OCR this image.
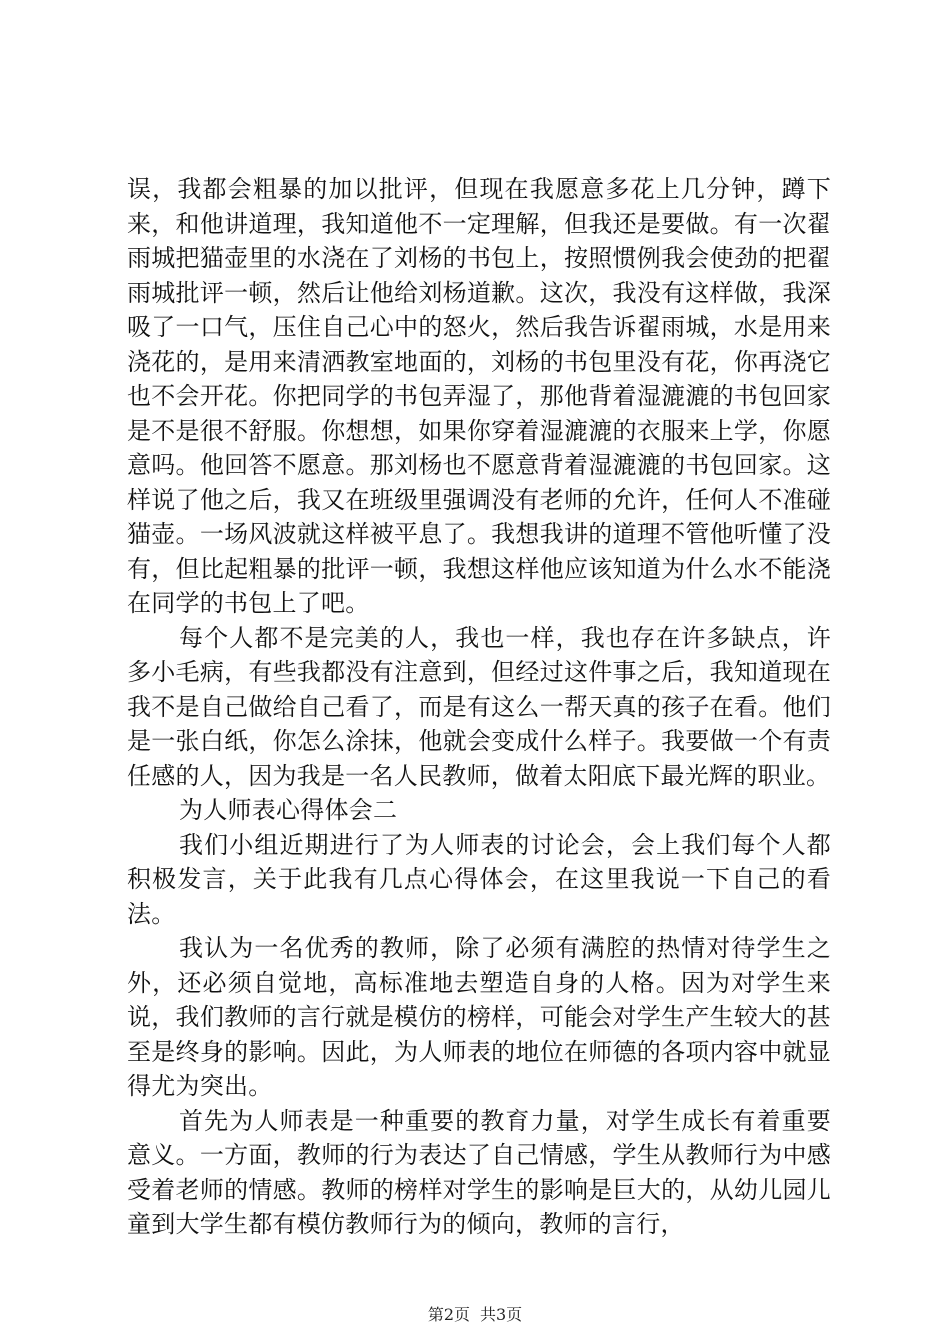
误，我都会粗暴的加以批评，但现在我愿意多花上几分钟，蹲下来，和他讲道理，我知道他不一定理解，但我还是要做。有一次翟雨城把猫壶里的水浇在了刘杨的书包上，按照惯例我会使劲的把翟雨城批评一顿，然后让他给刘杨道歉。这次，我没有这样做，我深吸了一口气，压住自己心中的怒火，然后我告诉翟雨城，水是用来浇花的，是用来清洒教室地面的，刘杨的书包里没有花，你再浇它也不会开花。你把同学的书包弄湿了，那他背着湿漉漉的书包回家是不是很不舒服。你想想，如果你穿着湿漉漉的衣服来上学，你愿意吗。他回答不愿意。那刘杨也不愿意背着湿漉漉的书包回家。这样说了他之后，我又在班级里强调没有老师的允许，任何人不准碰猫壶。一场风波就这样被平息了。我想我讲的道理不管他听懂了没有，但比起粗暴的批评一顿，我想这样他应该知道为什么水不能浇在同学的书包上了吧。

每个人都不是完美的人，我也一样，我也存在许多缺点，许多小毛病，有些我都没有注意到，但经过这件事之后，我知道现在我不是自己做给自己看了，而是有这么一帮天真的孩子在看。他们是一张白纸，你怎么涂抹，他就会变成什么样子。我要做一个有责任感的人，因为我是一名人民教师，做着太阳底下最光辉的职业。

为人师表心得体会二

我们小组近期进行了为人师表的讨论会，会上我们每个人都积极发言，关于此我有几点心得体会，在这里我说一下自己的看法。

我认为一名优秀的教师，除了必须有满腔的热情对待学生之外，还必须自觉地，高标准地去塑造自身的人格。因为对学生来说，我们教师的言行就是模仿的榜样，可能会对学生产生较大的甚至是终身的影响。因此，为人师表的地位在师德的各项内容中就显得尤为突出。

首先为人师表是一种重要的教育力量，对学生成长有着重要意义。一方面，教师的行为表达了自己情感，学生从教师行为中感受着老师的情感。教师的榜样对学生的影响是巨大的，从幼儿园儿童到大学生都有模仿教师行为的倾向，教师的言行，

第2页 共3页
